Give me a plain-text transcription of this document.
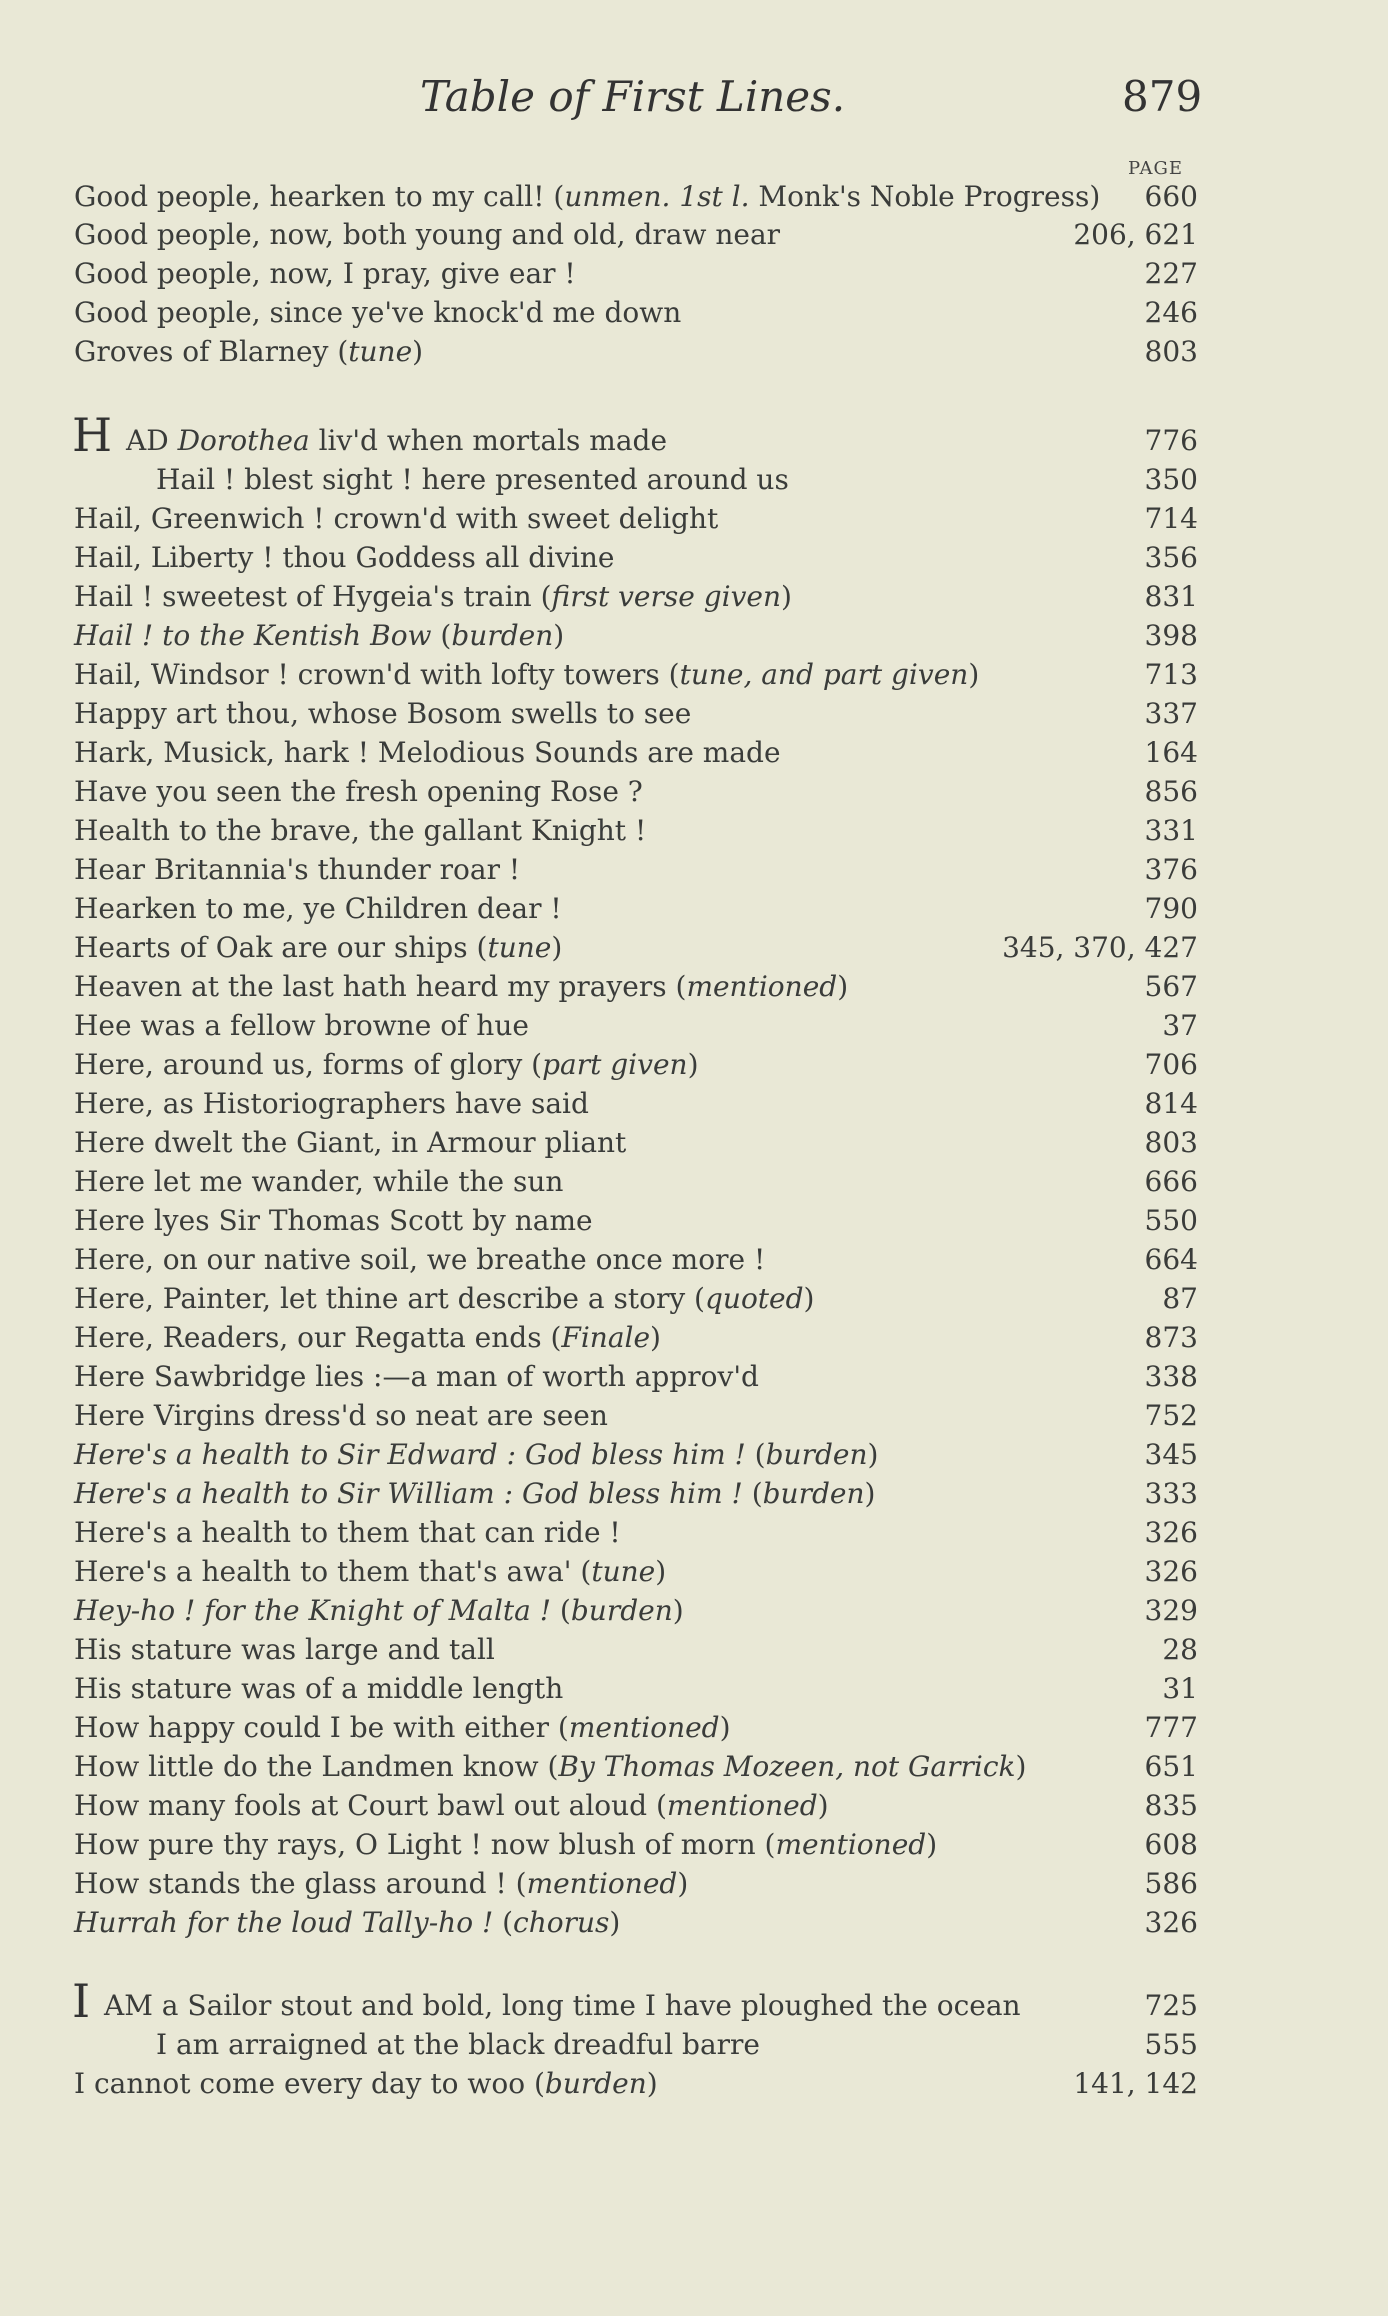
Table of First Lines.	879
PAGE
H
I
Good people, hearken to my call! (unmen. 1st l. Monk's Noble Progress) 660
Good people, now, both young and old, draw near	206, 621
Good people, now, I pray, give ear !	227
Good people, since ye've knock'd me down	246
Groves of Blarney (tune)	803
AD Dorothea liv'd when mortals made	776
Hail ! blest sight ! here presented around us	350
Hail, Greenwich ! crown'd with sweet delight	714
Hail, Liberty ! thou Goddess all divine	356
Hail ! sweetest of Hygeia's train (first verse given)	831
Hail ! to the Kentish Bow (burden)	398
Hail, Windsor ! crown'd with lofty towers (tune, and part given)	713
Happy art thou, whose Bosom swells to see	337
Hark, Musick, hark ! Melodious Sounds are made	164
Have you seen the fresh opening Rose ?	856
Health to the brave, the gallant Knight !	331
Hear Britannia's thunder roar !	376
Hearken to me, ye Children dear !	790
Hearts of Oak are our ships (tune)	345, 370, 427
Heaven at the last hath heard my prayers (mentioned)	567
Hee was a fellow browne of hue	37
Here, around us, forms of glory (part given)	706
Here, as Historiographers have said	814
Here dwelt the Giant, in Armour pliant	803
Here let me wander, while the sun	666
Here lyes Sir Thomas Scott by name	550
Here, on our native soil, we breathe once more !	664
Here, Painter, let thine art describe a story (quoted)	87
Here, Readers, our Regatta ends (Finale)	873
Here Sawbridge lies :—a man of worth approv'd	338
Here Virgins dress'd so neat are seen	752
Here's a health to Sir Edward : God bless him ! (burden)	345
Here's a health to Sir William : God bless him ! (burden)	333
Here's a health to them that can ride !	326
Here's a health to them that's awa' (tune)	326
Hey-ho ! for the Knight of Malta ! (burden)	329
His stature was large and tall	28
His stature was of a middle length	31
How happy could I be with either (mentioned)	777
How little do the Landmen know (By Thomas Mozeen, not Garrick)	651
How many fools at Court bawl out aloud (mentioned)	835
How pure thy rays, O Light ! now blush of morn (mentioned)	608
How stands the glass around ! (mentioned)	586
Hurrah for the loud Tally-ho ! (chorus)	326
AM a Sailor stout and bold, long time I have ploughed the ocean	725
I am arraigned at the black dreadful barre	555
I cannot come every day to woo (burden)	141, 142
